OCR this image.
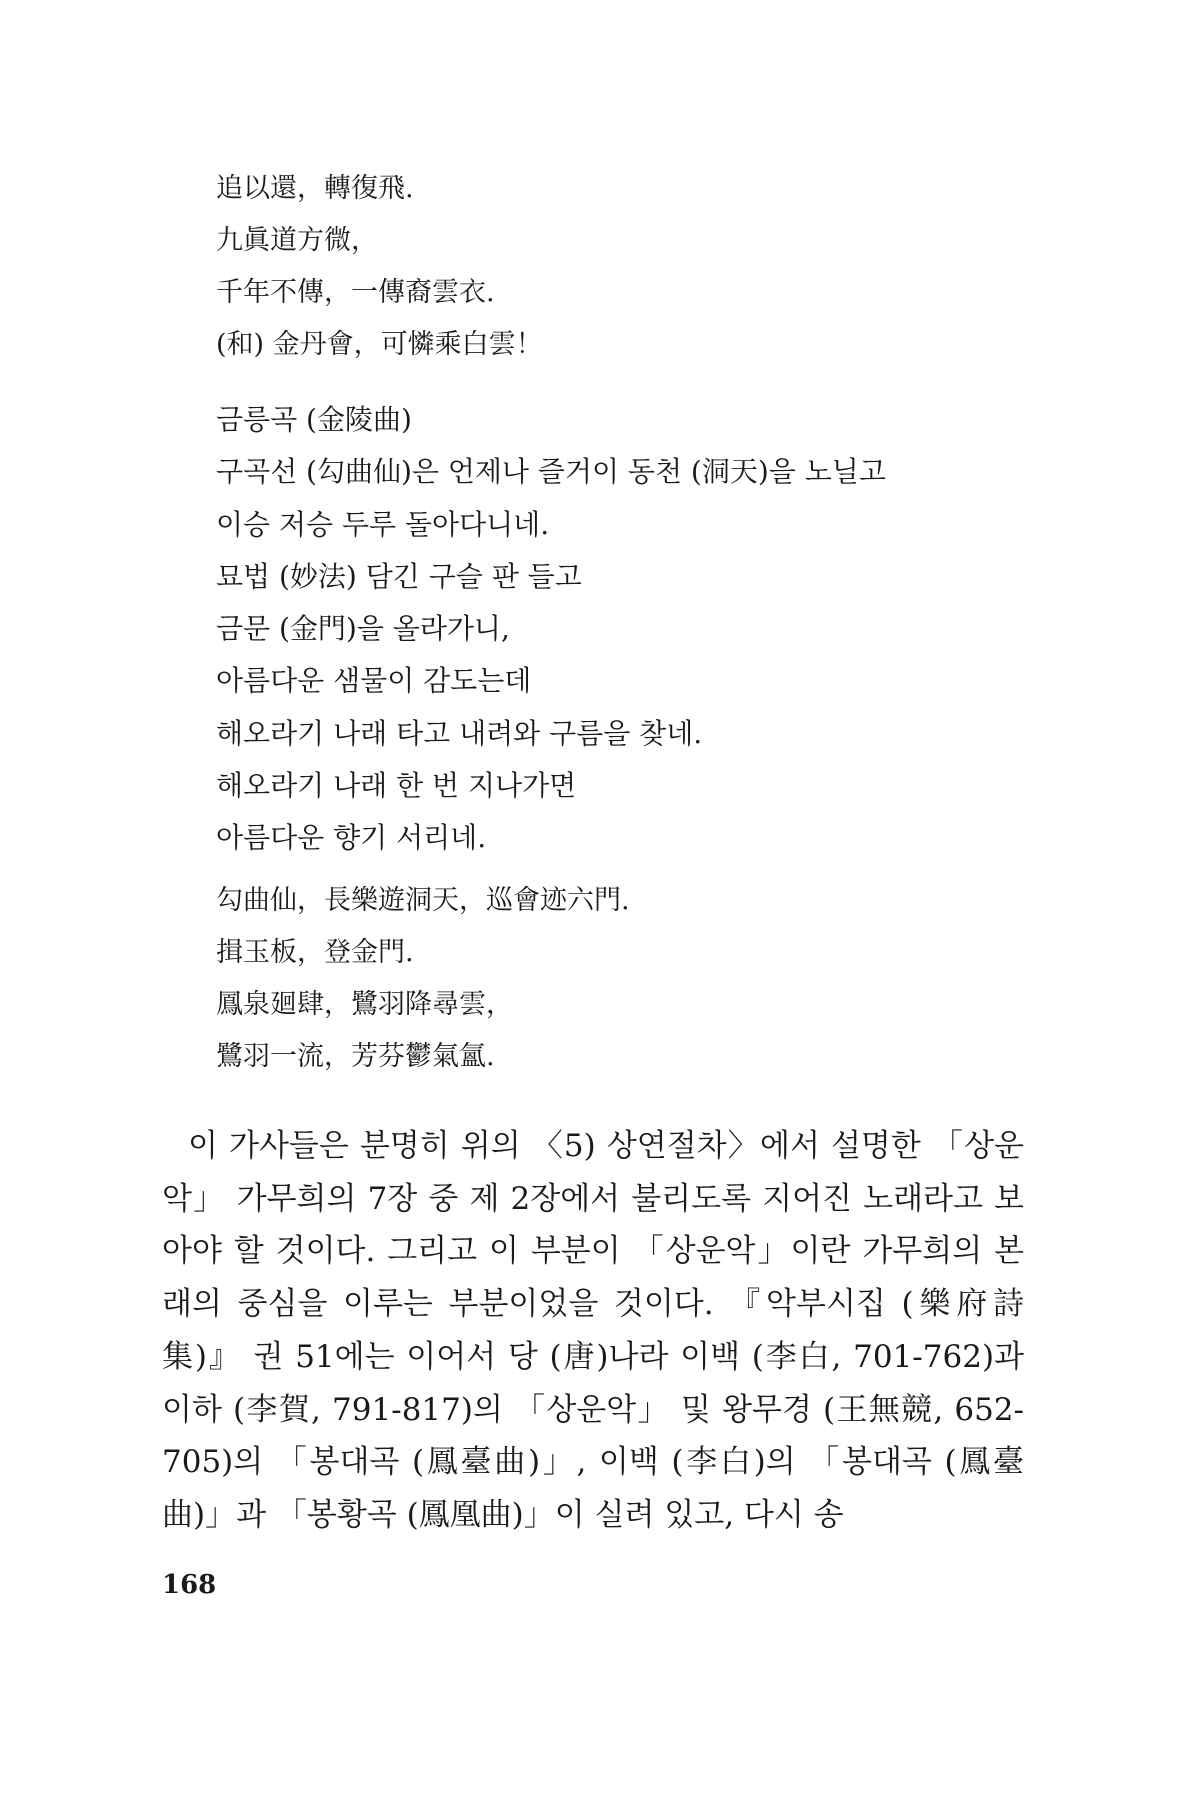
追以還，轉復飛.
九眞道方微，
千年不傳，一傳裔雲衣.
(和) 金丹會，可憐乘白雲！
금릉곡 (金陵曲)
구곡선 (勾曲仙)은 언제나 즐거이 동천 (洞天)을 노닐고
이승 저승 두루 돌아다니네.
묘법 (妙法) 담긴 구슬 판 들고
금문 (金門)을 올라가니,
아름다운 샘물이 감도는데
해오라기 나래 타고 내려와 구름을 찾네.
해오라기 나래 한 번 지나가면
아름다운 향기 서리네.
勾曲仙，長樂遊洞天，巡會迹六門.
揖玉板，登金門.
鳳泉廻肆，鷺羽降尋雲，
鷺羽一流，芳芬鬱氣氳.

이 가사들은 분명히 위의 〈5) 상연절차〉에서 설명한 「상운악」 가무희의 7장 중 제 2장에서 불리도록 지어진 노래라고 보아야 할 것이다. 그리고 이 부분이 「상운악」이란 가무희의 본래의 중심을 이루는 부분이었을 것이다. 『악부시집 (樂府詩集)』 권 51에는 이어서 당 (唐)나라 이백 (李白, 701-762)과 이하 (李賀, 791-817)의 「상운악」 및 왕무경 (王無競, 652-705)의 「봉대곡 (鳳臺曲)」, 이백 (李白)의 「봉대곡 (鳳臺曲)」과 「봉황곡 (鳳凰曲)」이 실려 있고, 다시 송

168
